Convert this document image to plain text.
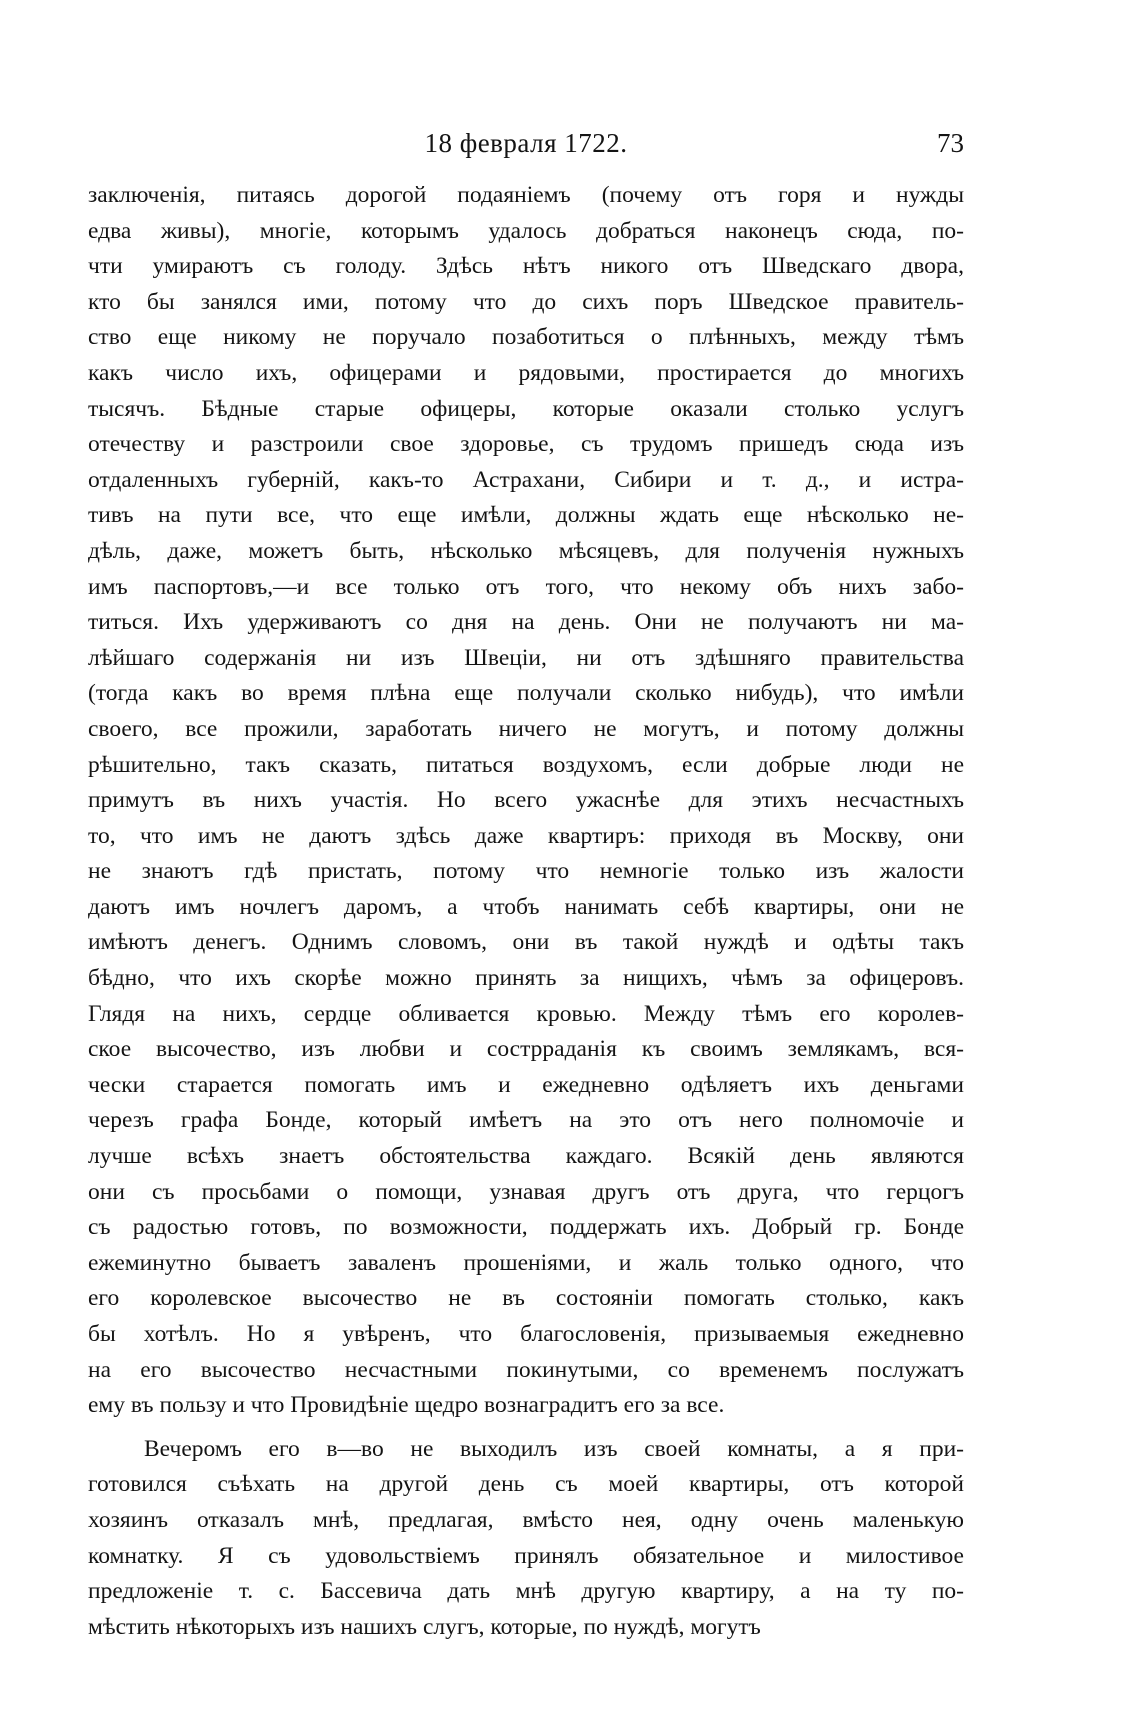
18 февраля 1722.	73
заключенія, питаясь дорогой подаяніемъ (почему отъ горя и нужды
едва живы), многіе, которымъ удалось добраться наконецъ сюда, по-
чти умираютъ съ голоду. Здѣсь нѣтъ никого отъ Шведскаго двора,
кто бы занялся ими, потому что до сихъ поръ Шведское правитель-
ство еще никому не поручало позаботиться о плѣнныхъ, между тѣмъ
какъ число ихъ, офицерами и рядовыми, простирается до многихъ
тысячъ. Бѣдные старые офицеры, которые оказали столько услугъ
отечеству и разстроили свое здоровье, съ трудомъ пришедъ сюда изъ
отдаленныхъ губерній, какъ-то Астрахани, Сибири и т. д., и истра-
тивъ на пути все, что еще имѣли, должны ждать еще нѣсколько не-
дѣль, даже, можетъ быть, нѣсколько мѣсяцевъ, для полученія нужныхъ
имъ паспортовъ,—и все только отъ того, что некому объ нихъ забо-
титься. Ихъ удерживаютъ со дня на день. Они не получаютъ ни ма-
лѣйшаго содержанія ни изъ Швеціи, ни отъ здѣшняго правительства
(тогда какъ во время плѣна еще получали сколько нибудь), что имѣли
своего, все прожили, заработать ничего не могутъ, и потому должны
рѣшительно, такъ сказать, питаться воздухомъ, если добрые люди не
примутъ въ нихъ участія. Но всего ужаснѣе для этихъ несчастныхъ
то, что имъ не даютъ здѣсь даже квартиръ: приходя въ Москву, они
не знаютъ гдѣ пристать, потому что немногіе только изъ жалости
даютъ имъ ночлегъ даромъ, а чтобъ нанимать себѣ квартиры, они не
имѣютъ денегъ. Однимъ словомъ, они въ такой нуждѣ и одѣты такъ
бѣдно, что ихъ скорѣе можно принять за нищихъ, чѣмъ за офицеровъ.
Глядя на нихъ, сердце обливается кровью. Между тѣмъ его королев-
ское высочество, изъ любви и сострраданія къ своимъ землякамъ, вся-
чески старается помогать имъ и ежедневно одѣляетъ ихъ деньгами
черезъ графа Бонде, который имѣетъ на это отъ него полномочіе и
лучше всѣхъ знаетъ обстоятельства каждаго. Всякій день являются
они съ просьбами о помощи, узнавая другъ отъ друга, что герцогъ
съ радостью готовъ, по возможности, поддержать ихъ. Добрый гр. Бонде
ежеминутно бываетъ заваленъ прошеніями, и жаль только одного, что
его королевское высочество не въ состояніи помогать столько, какъ
бы хотѣлъ. Но я увѣренъ, что благословенія, призываемыя ежедневно
на его высочество несчастными покинутыми, со временемъ послужатъ
ему въ пользу и что Провидѣніе щедро вознаградитъ его за все.
Вечеромъ его в—во не выходилъ изъ своей комнаты, а я при-
готовился съѣхать на другой день съ моей квартиры, отъ которой
хозяинъ отказалъ мнѣ, предлагая, вмѣсто нея, одну очень маленькую
комнатку. Я съ удовольствіемъ принялъ обязательное и милостивое
предложеніе т. с. Бассевича дать мнѣ другую квартиру, а на ту по-
мѣстить нѣкоторыхъ изъ нашихъ слугъ, которые, по нуждѣ, могутъ
